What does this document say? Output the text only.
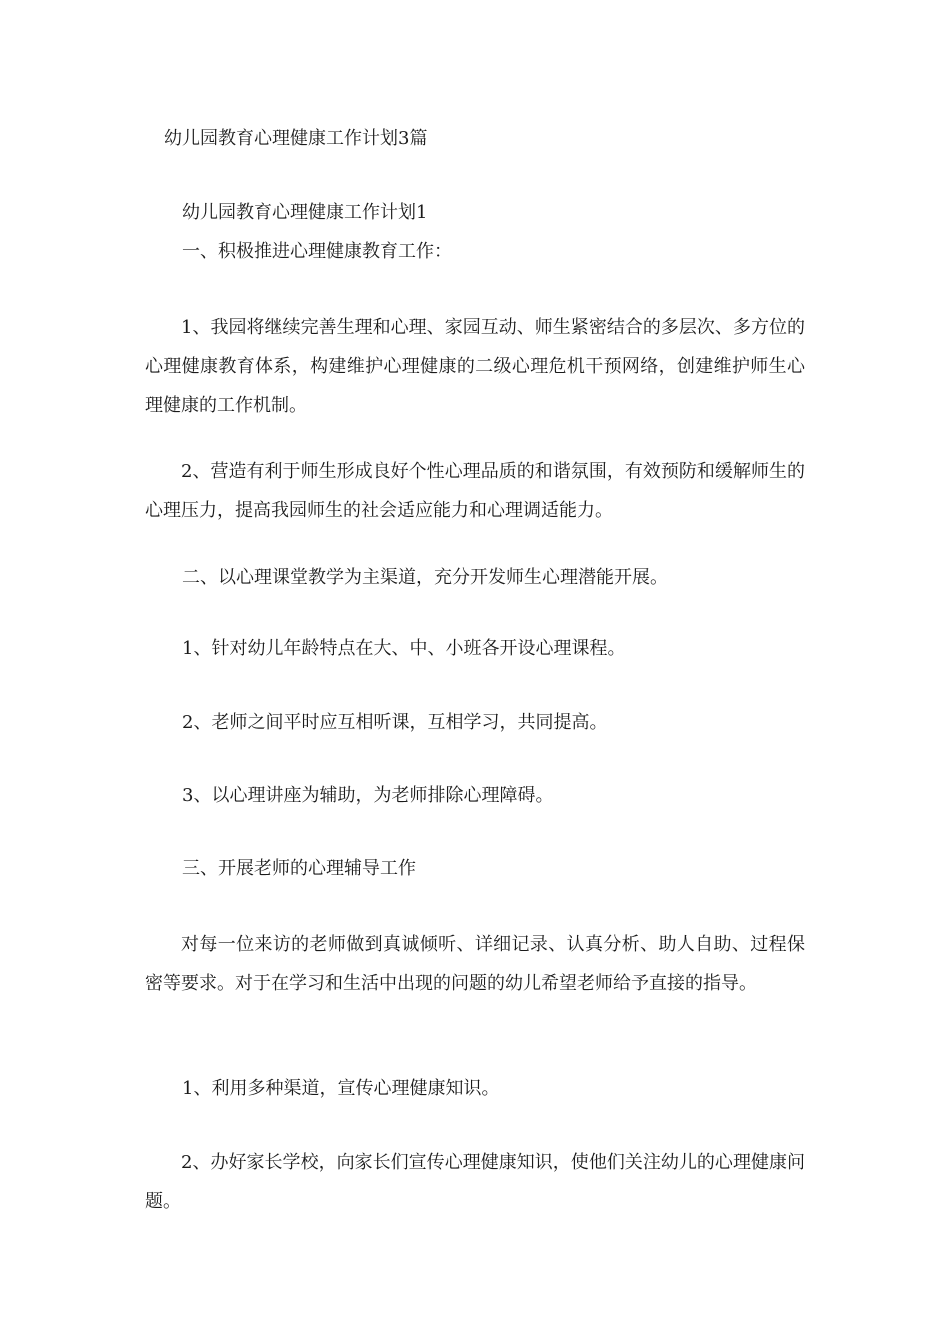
幼儿园教育心理健康工作计划3篇

幼儿园教育心理健康工作计划1

一、积极推进心理健康教育工作：

1、我园将继续完善生理和心理、家园互动、师生紧密结合的多层次、多方位的心理健康教育体系，构建维护心理健康的二级心理危机干预网络，创建维护师生心理健康的工作机制。

2、营造有利于师生形成良好个性心理品质的和谐氛围，有效预防和缓解师生的心理压力，提高我园师生的社会适应能力和心理调适能力。

二、以心理课堂教学为主渠道，充分开发师生心理潜能开展。

1、针对幼儿年龄特点在大、中、小班各开设心理课程。

2、老师之间平时应互相听课，互相学习，共同提高。

3、以心理讲座为辅助，为老师排除心理障碍。

三、开展老师的心理辅导工作

对每一位来访的老师做到真诚倾听、详细记录、认真分析、助人自助、过程保密等要求。对于在学习和生活中出现的问题的幼儿希望老师给予直接的指导。

1、利用多种渠道，宣传心理健康知识。

2、办好家长学校，向家长们宣传心理健康知识，使他们关注幼儿的心理健康问题。
